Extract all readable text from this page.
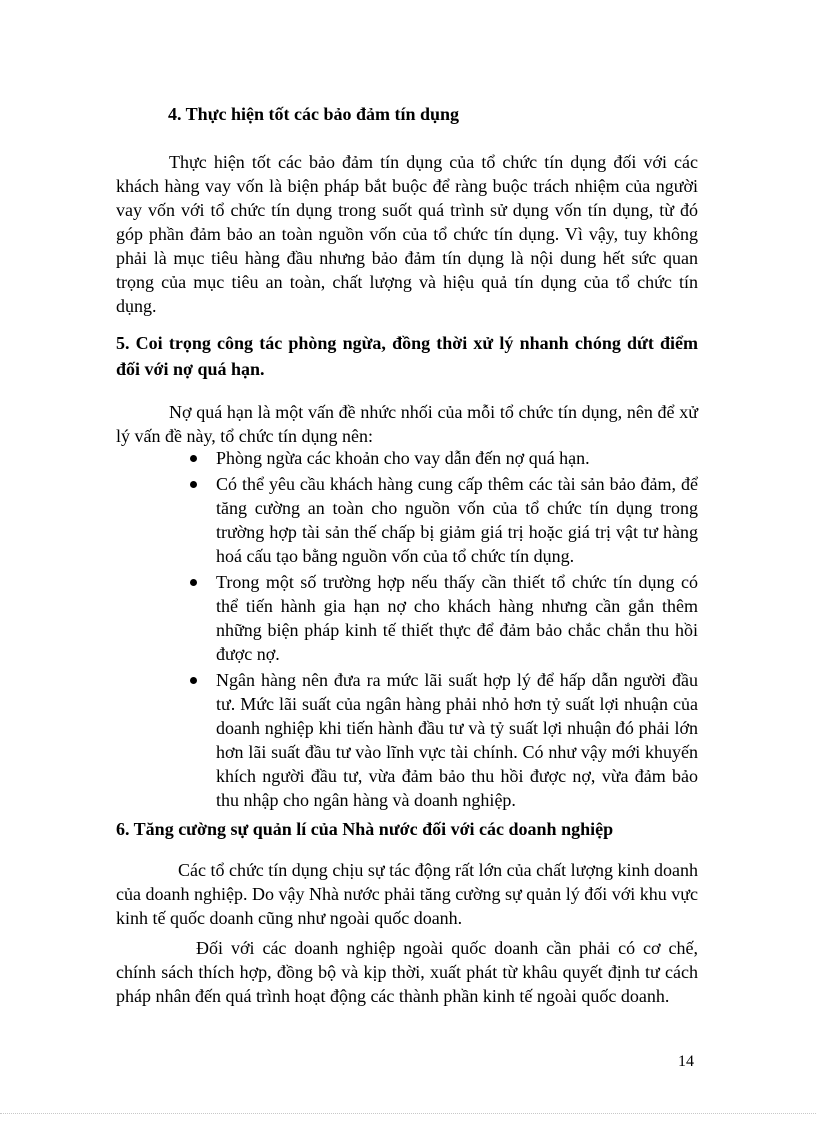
4. Thực hiện tốt các bảo đảm tín dụng

Thực hiện tốt các bảo đảm tín dụng của tổ chức tín dụng đối với các khách hàng vay vốn là biện pháp bắt buộc để ràng buộc trách nhiệm của người vay vốn với tổ chức tín dụng trong suốt quá trình sử dụng vốn tín dụng, từ đó góp phần đảm bảo an toàn nguồn vốn của tổ chức tín dụng. Vì vậy, tuy không phải là mục tiêu hàng đầu nhưng bảo đảm tín dụng là nội dung hết sức quan trọng của mục tiêu an toàn, chất lượng và hiệu quả tín dụng của tổ chức tín dụng.

5. Coi trọng công tác phòng ngừa, đồng thời xử lý nhanh chóng dứt điểm đối với nợ quá hạn.

Nợ quá hạn là một vấn đề nhức nhối của mỗi tổ chức tín dụng, nên để xử lý vấn đề này, tổ chức tín dụng nên:

Phòng ngừa các khoản cho vay dẫn đến nợ quá hạn.
Có thể yêu cầu khách hàng cung cấp thêm các tài sản bảo đảm, để tăng cường an toàn cho nguồn vốn của tổ chức tín dụng trong trường hợp tài sản thế chấp bị giảm giá trị hoặc giá trị vật tư hàng hoá cấu tạo bằng nguồn vốn của tổ chức tín dụng.
Trong một số trường hợp nếu thấy cần thiết tổ chức tín dụng có thể tiến hành gia hạn nợ cho khách hàng nhưng cần gắn thêm những biện pháp kinh tế thiết thực để đảm bảo chắc chắn thu hồi được nợ.
Ngân hàng nên đưa ra mức lãi suất hợp lý để hấp dẫn người đầu tư. Mức lãi suất của ngân hàng phải nhỏ hơn tỷ suất lợi nhuận của doanh nghiệp khi tiến hành đầu tư và tỷ suất lợi nhuận đó phải lớn hơn lãi suất đầu tư vào lĩnh vực tài chính. Có như vậy mới khuyến khích người đầu tư, vừa đảm bảo thu hồi được nợ, vừa đảm bảo thu nhập cho ngân hàng và doanh nghiệp.
6. Tăng cường sự quản lí của Nhà nước đối với các doanh nghiệp

Các tổ chức tín dụng chịu sự tác động rất lớn của chất lượng kinh doanh của doanh nghiệp. Do vậy Nhà nước phải tăng cường sự quản lý đối với khu vực kinh tế quốc doanh cũng như ngoài quốc doanh.

Đối với các doanh nghiệp ngoài quốc doanh cần phải có cơ chế, chính sách thích hợp, đồng bộ và kịp thời, xuất phát từ khâu quyết định tư cách pháp nhân đến quá trình hoạt động các thành phần kinh tế ngoài quốc doanh.

14
